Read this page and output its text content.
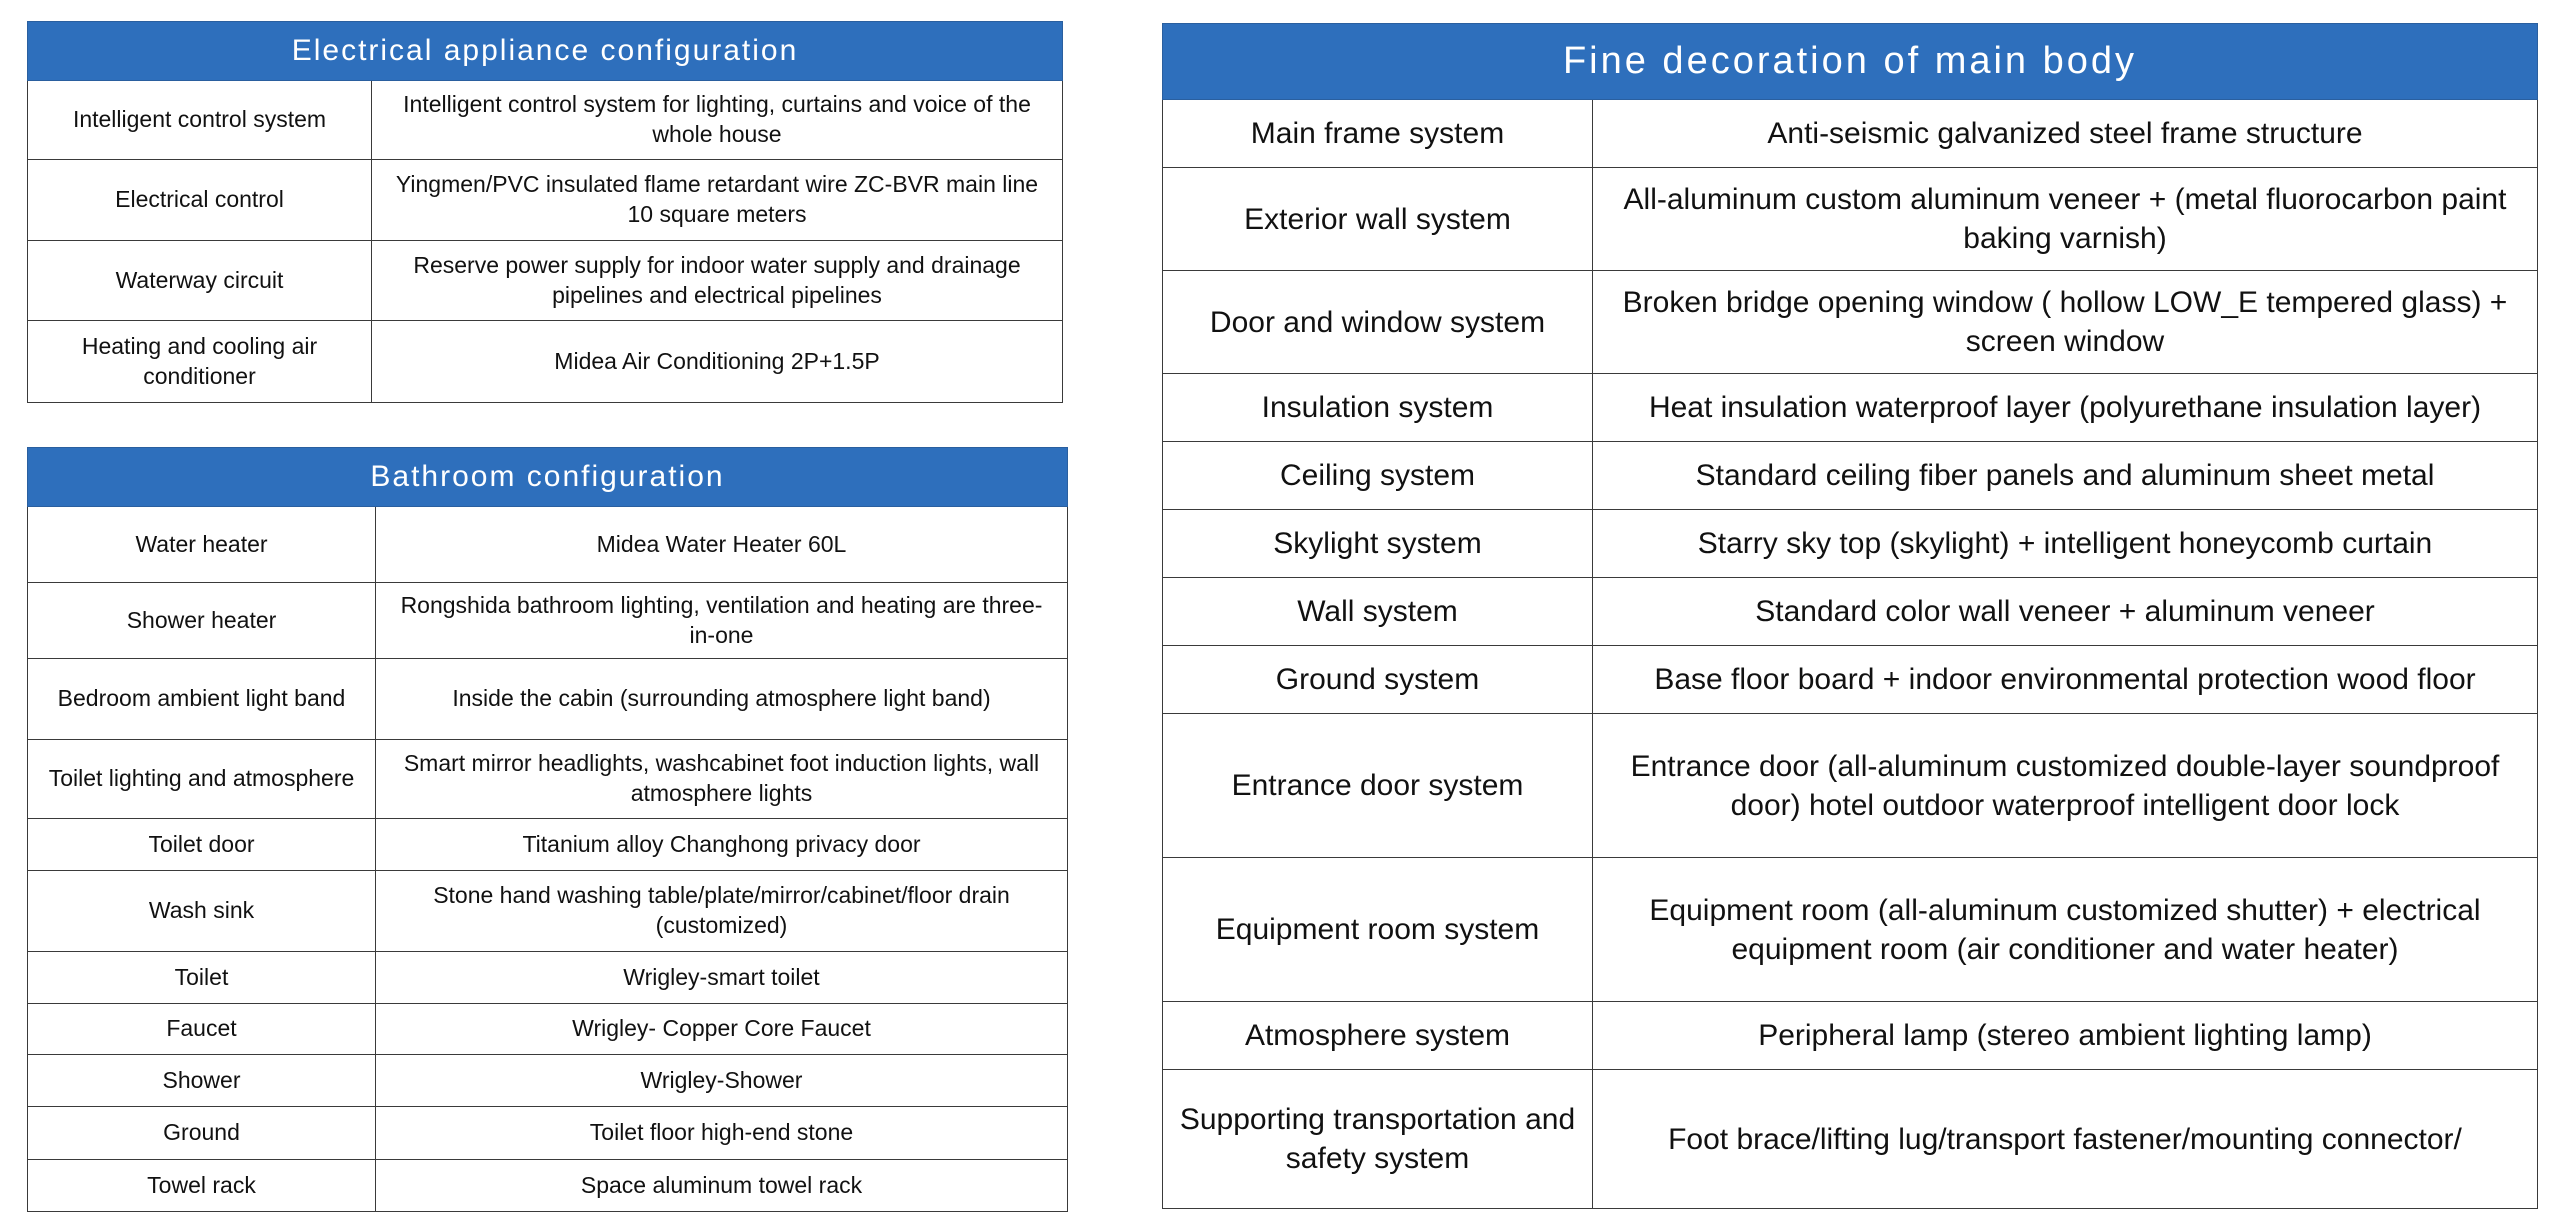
Electrical appliance configuration	
Intelligent control system	Intelligent control system for lighting, curtains and voice of the whole house
Electrical control	Yingmen/PVC insulated flame retardant wire ZC-BVR main line 10 square meters
Waterway circuit	Reserve power supply for indoor water supply and drainage pipelines and electrical pipelines
Heating and cooling air conditioner	Midea Air Conditioning 2P+1.5P
Bathroom configuration	
Water heater	Midea Water Heater 60L
Shower heater	Rongshida bathroom lighting, ventilation and heating are three-in-one
Bedroom ambient light band	Inside the cabin (surrounding atmosphere light band)
Toilet lighting and atmosphere	Smart mirror headlights, washcabinet foot induction lights, wall atmosphere lights
Toilet door	Titanium alloy Changhong privacy door
Wash sink	Stone hand washing table/plate/mirror/cabinet/floor drain (customized)
Toilet	Wrigley-smart toilet
Faucet	Wrigley- Copper Core Faucet
Shower	Wrigley-Shower
Ground	Toilet floor high-end stone
Towel rack	Space aluminum towel rack
Fine decoration of main body	
Main frame system	Anti-seismic galvanized steel frame structure
Exterior wall system	All-aluminum custom aluminum veneer + (metal fluorocarbon paint baking varnish)
Door and window system	Broken bridge opening window ( hollow LOW_E tempered glass) + screen window
Insulation system	Heat insulation waterproof layer (polyurethane insulation layer)
Ceiling system	Standard ceiling fiber panels and aluminum sheet metal
Skylight system	Starry sky top (skylight) + intelligent honeycomb curtain
Wall system	Standard color wall veneer + aluminum veneer
Ground system	Base floor board + indoor environmental protection wood floor
Entrance door system	Entrance door (all-aluminum customized double-layer soundproof door) hotel outdoor waterproof intelligent door lock
Equipment room system	Equipment room (all-aluminum customized shutter) + electrical equipment room (air conditioner and water heater)
Atmosphere system	Peripheral lamp (stereo ambient lighting lamp)
Supporting transportation and safety system	Foot brace/lifting lug/transport fastener/mounting connector/
